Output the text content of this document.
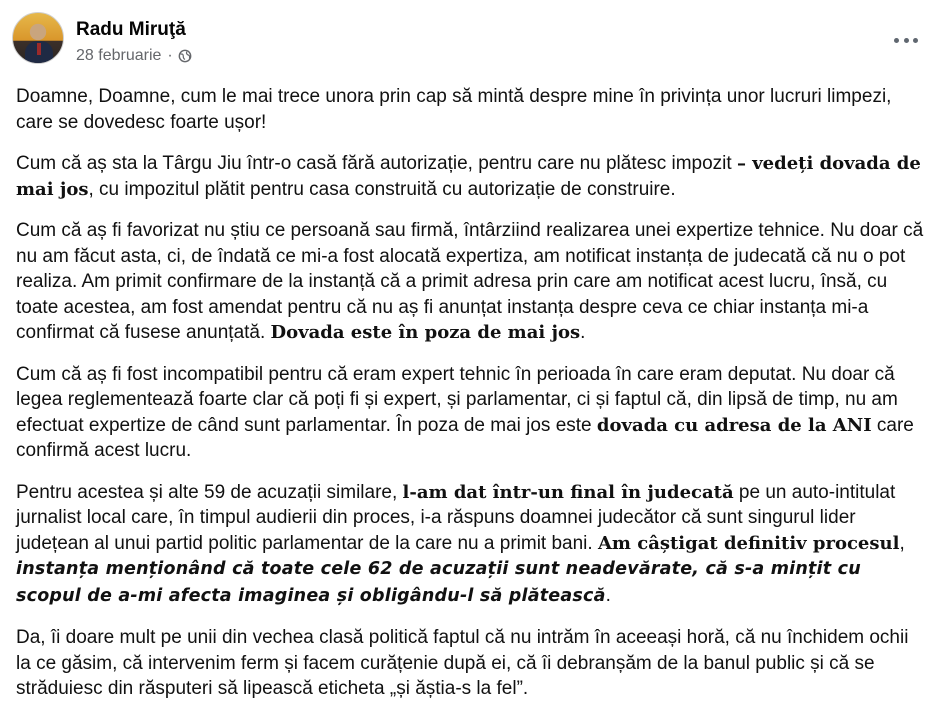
Radu Miruţă
28 februarie ·

Doamne, Doamne, cum le mai trece unora prin cap să mintă despre mine în privința unor lucruri limpezi, care se dovedesc foarte ușor!

Cum că aș sta la Târgu Jiu într-o casă fără autorizație, pentru care nu plătesc impozit – vedeți dovada de mai jos, cu impozitul plătit pentru casa construită cu autorizație de construire.

Cum că aș fi favorizat nu știu ce persoană sau firmă, întârziind realizarea unei expertize tehnice. Nu doar că nu am făcut asta, ci, de îndată ce mi-a fost alocată expertiza, am notificat instanța de judecată că nu o pot realiza. Am primit confirmare de la instanță că a primit adresa prin care am notificat acest lucru, însă, cu toate acestea, am fost amendat pentru că nu aș fi anunțat instanța despre ceva ce chiar instanța mi-a confirmat că fusese anunțată. Dovada este în poza de mai jos.

Cum că aș fi fost incompatibil pentru că eram expert tehnic în perioada în care eram deputat. Nu doar că legea reglementează foarte clar că poți fi și expert, și parlamentar, ci și faptul că, din lipsă de timp, nu am efectuat expertize de când sunt parlamentar. În poza de mai jos este dovada cu adresa de la ANI care confirmă acest lucru.

Pentru acestea și alte 59 de acuzații similare, l-am dat într-un final în judecată pe un auto-intitulat jurnalist local care, în timpul audierii din proces, i-a răspuns doamnei judecător că sunt singurul lider județean al unui partid politic parlamentar de la care nu a primit bani. Am câștigat definitiv procesul, instanța menționând că toate cele 62 de acuzații sunt neadevărate, că s-a mințit cu scopul de a-mi afecta imaginea și obligându-l să plătească.

Da, îi doare mult pe unii din vechea clasă politică faptul că nu intrăm în aceeași horă, că nu închidem ochii la ce găsim, că intervenim ferm și facem curățenie după ei, că îi debranșăm de la banul public și că se străduiesc din răsputeri să lipească eticheta „și ăștia-s la fel”.
